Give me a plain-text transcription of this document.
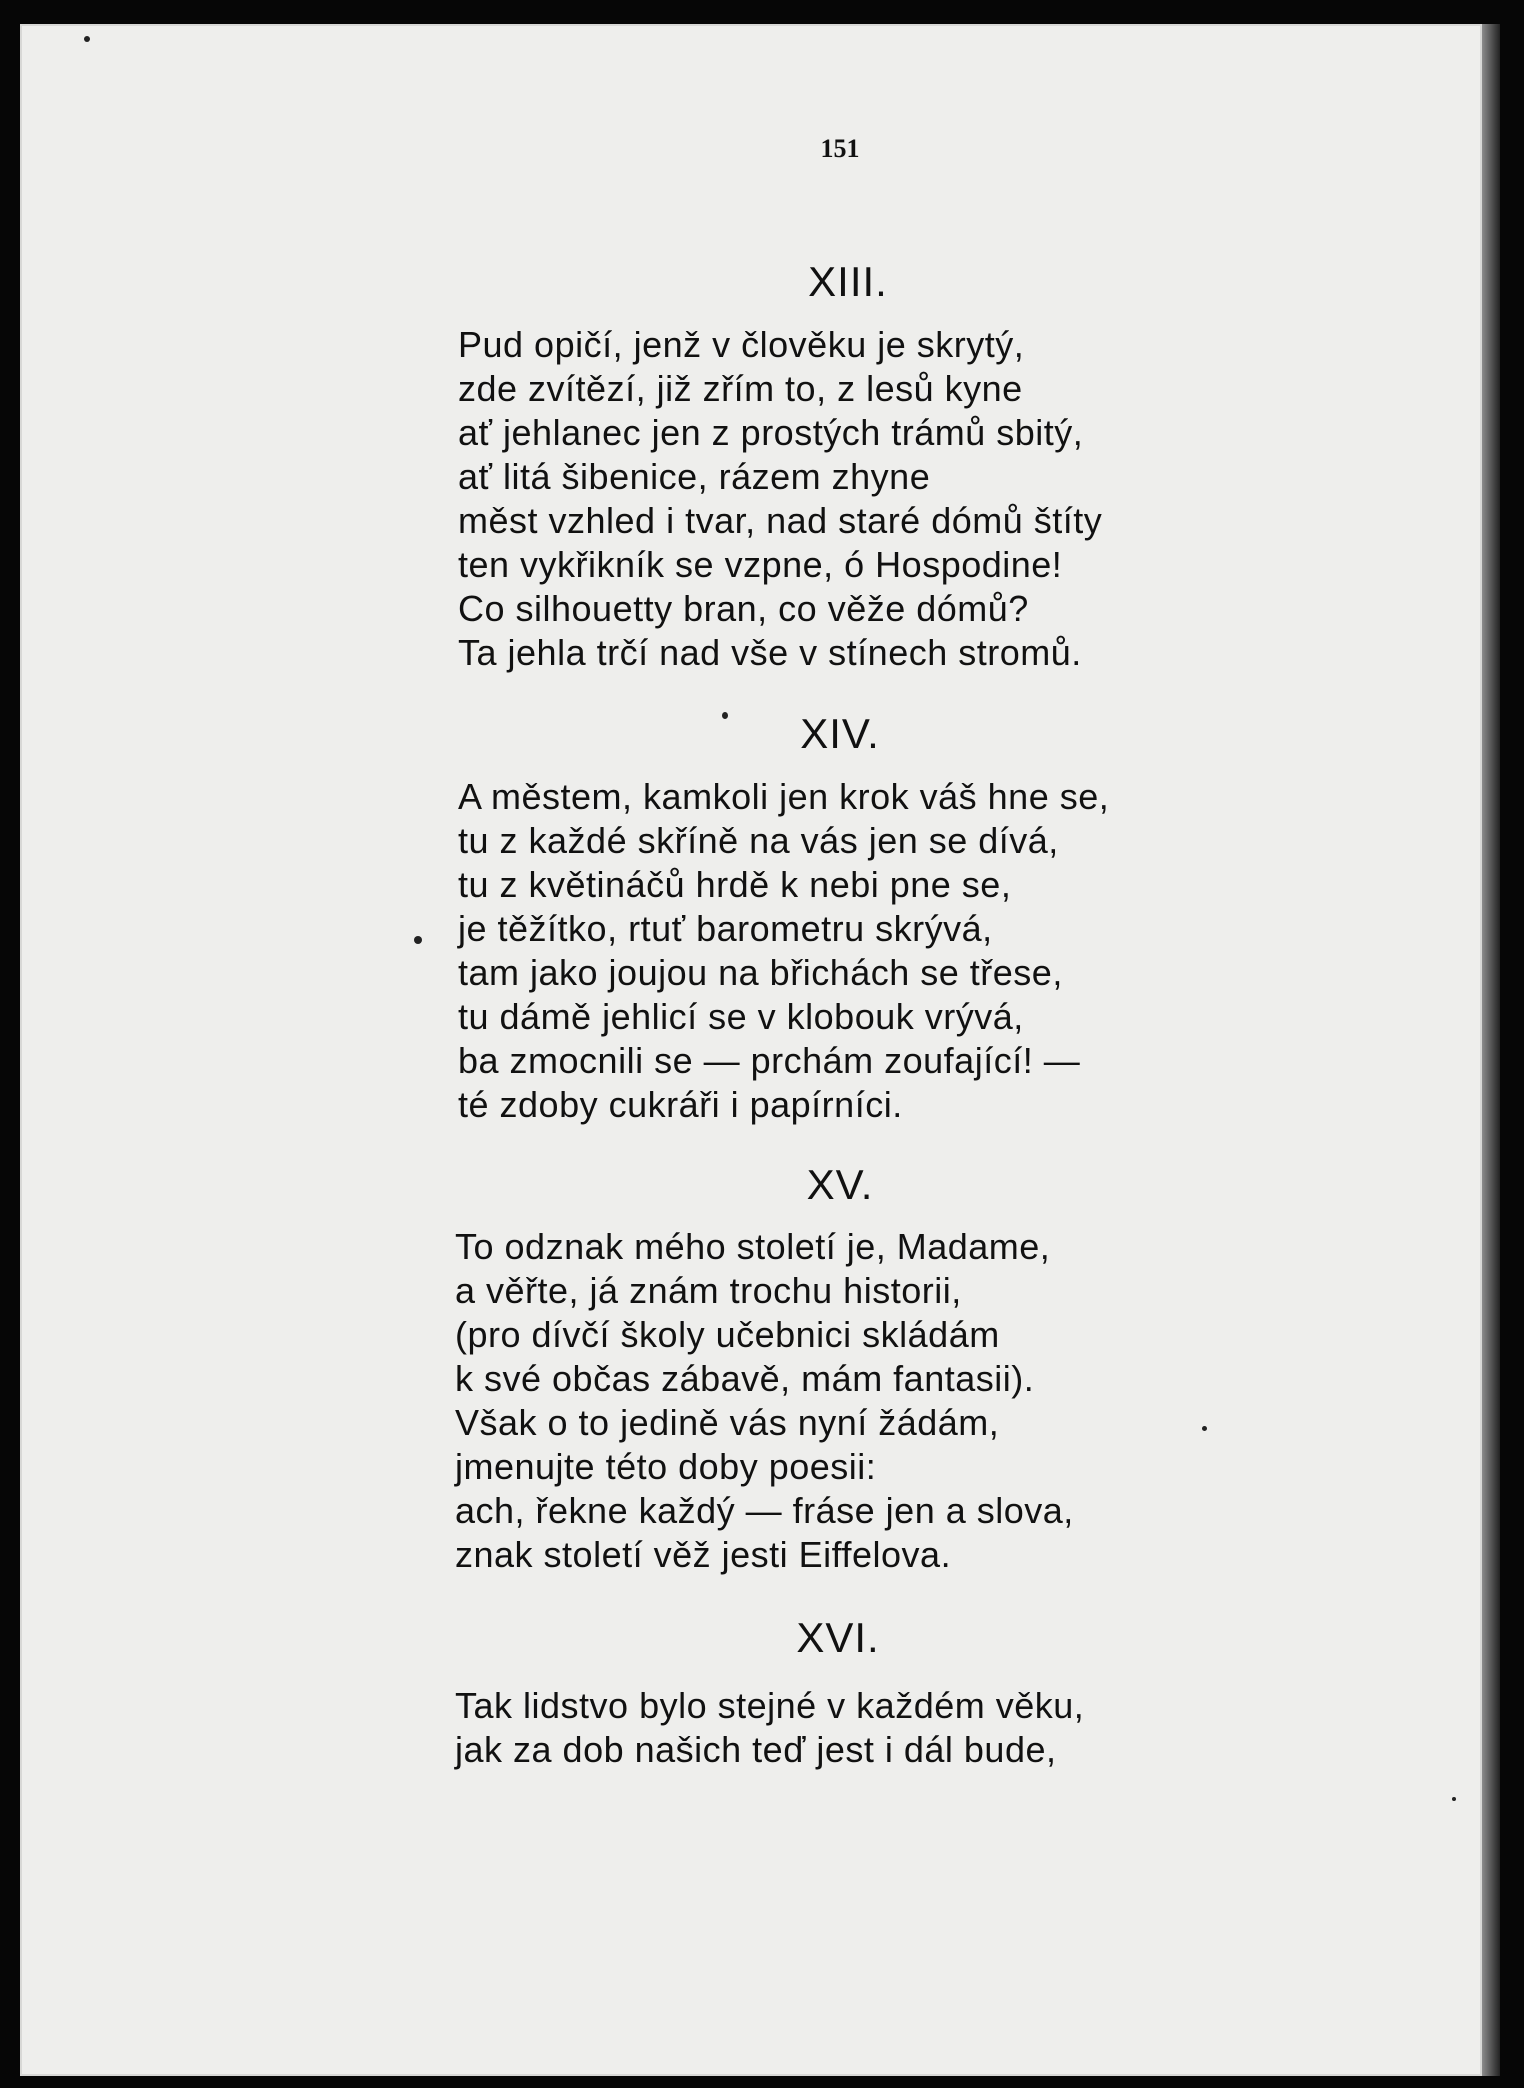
151
XIII.
Pud opičí, jenž v člověku je skrytý,
zde zvítězí, již zřím to, z lesů kyne
ať jehlanec jen z prostých trámů sbitý,
ať litá šibenice, rázem zhyne
měst vzhled i tvar, nad staré dómů štíty
ten vykřikník se vzpne, ó Hospodine!
Co silhouetty bran, co věže dómů?
Ta jehla trčí nad vše v stínech stromů.
XIV.
A městem, kamkoli jen krok váš hne se,
tu z každé skříně na vás jen se dívá,
tu z květináčů hrdě k nebi pne se,
je těžítko, rtuť barometru skrývá,
tam jako joujou na břichách se třese,
tu dámě jehlicí se v klobouk vrývá,
ba zmocnili se — prchám zoufající! —
té zdoby cukráři i papírníci.
XV.
To odznak mého století je, Madame,
a věřte, já znám trochu historii,
(pro dívčí školy učebnici skládám
k své občas zábavě, mám fantasii).
Však o to jedině vás nyní žádám,
jmenujte této doby poesii:
ach, řekne každý — fráse jen a slova,
znak století věž jesti Eiffelova.
XVI.
Tak lidstvo bylo stejné v každém věku,
jak za dob našich teď jest i dál bude,
